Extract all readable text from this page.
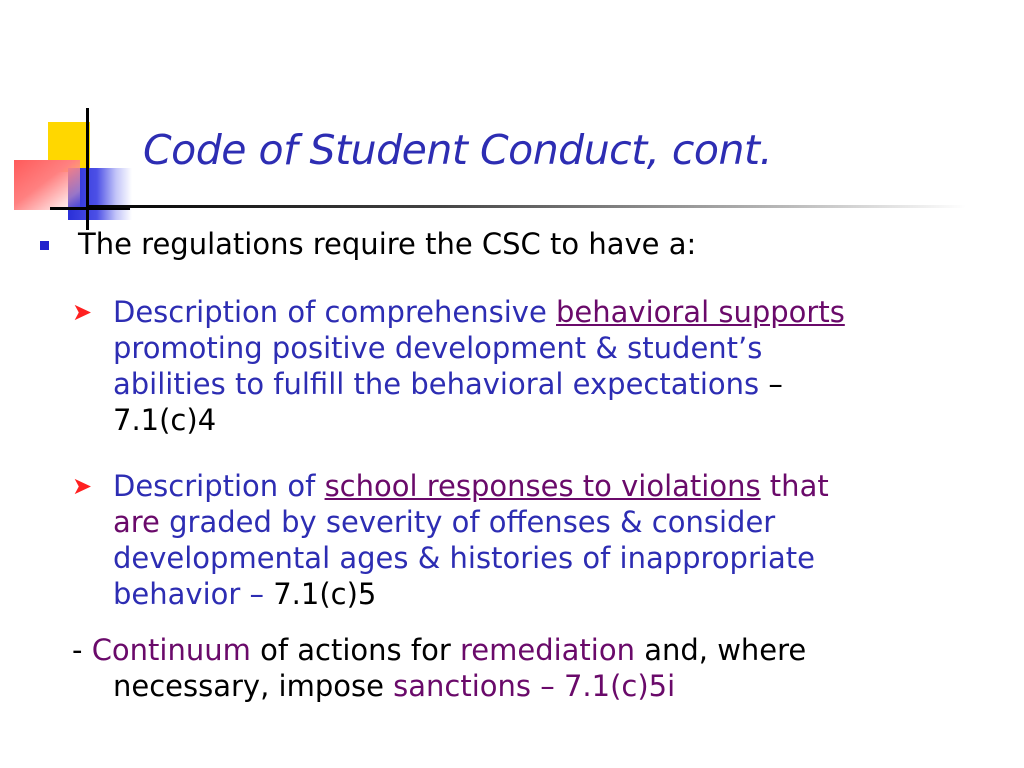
Code of Student Conduct, cont.
The regulations require the CSC to have a:
➤ Description of comprehensive behavioral supports
promoting positive development & student’s
abilities to fulfill the behavioral expectations –
7.1(c)4
➤ Description of school responses to violations that
are graded by severity of offenses & consider
developmental ages & histories of inappropriate
behavior – 7.1(c)5
- Continuum of actions for remediation and, where
necessary, impose sanctions – 7.1(c)5i
